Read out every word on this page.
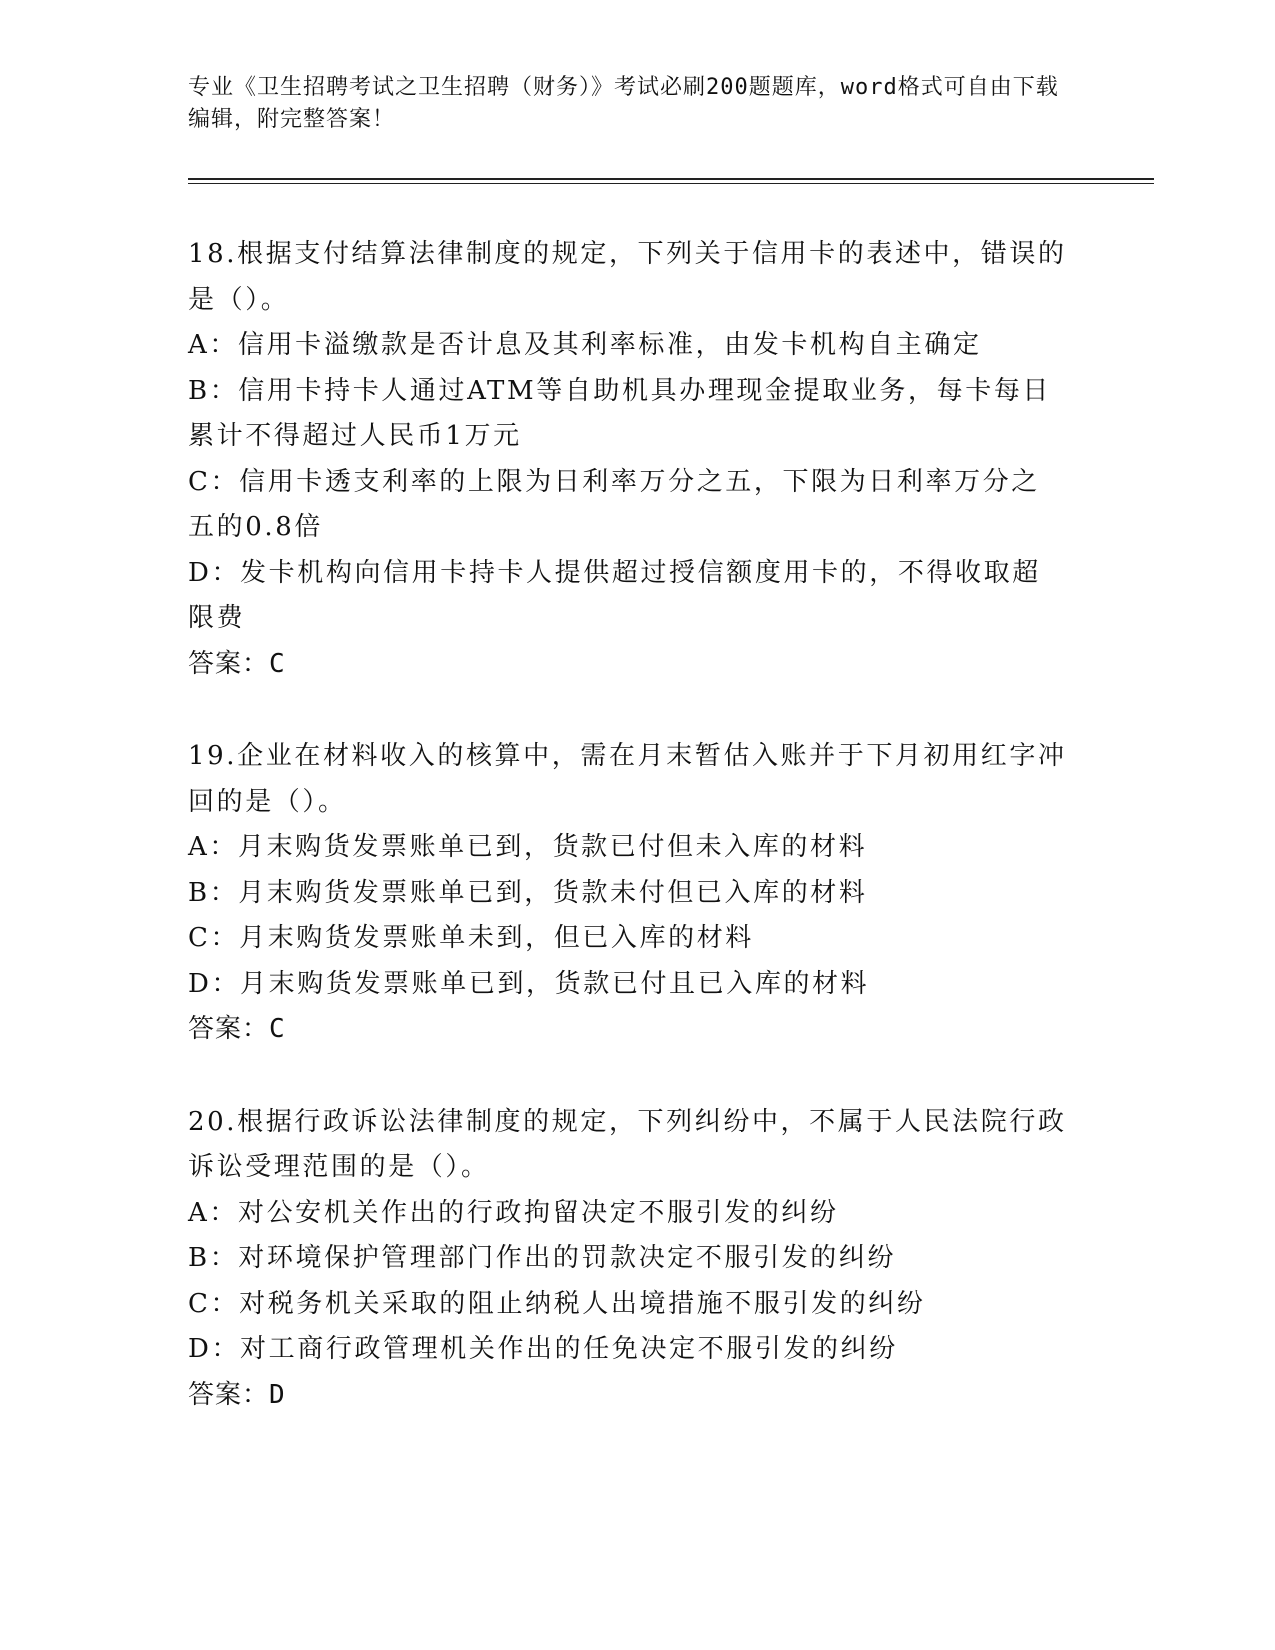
专业《卫生招聘考试之卫生招聘（财务）》考试必刷200题题库，word格式可自由下载编辑，附完整答案！

18.根据支付结算法律制度的规定，下列关于信用卡的表述中，错误的是（）。

A：信用卡溢缴款是否计息及其利率标准，由发卡机构自主确定

B：信用卡持卡人通过ATM等自助机具办理现金提取业务，每卡每日累计不得超过人民币1万元

C：信用卡透支利率的上限为日利率万分之五，下限为日利率万分之五的0.8倍

D：发卡机构向信用卡持卡人提供超过授信额度用卡的，不得收取超限费

答案：C

19.企业在材料收入的核算中，需在月末暂估入账并于下月初用红字冲回的是（）。

A：月末购货发票账单已到，货款已付但未入库的材料

B：月末购货发票账单已到，货款未付但已入库的材料

C：月末购货发票账单未到，但已入库的材料

D：月末购货发票账单已到，货款已付且已入库的材料

答案：C

20.根据行政诉讼法律制度的规定，下列纠纷中，不属于人民法院行政诉讼受理范围的是（）。

A：对公安机关作出的行政拘留决定不服引发的纠纷

B：对环境保护管理部门作出的罚款决定不服引发的纠纷

C：对税务机关采取的阻止纳税人出境措施不服引发的纠纷

D：对工商行政管理机关作出的任免决定不服引发的纠纷

答案：D
